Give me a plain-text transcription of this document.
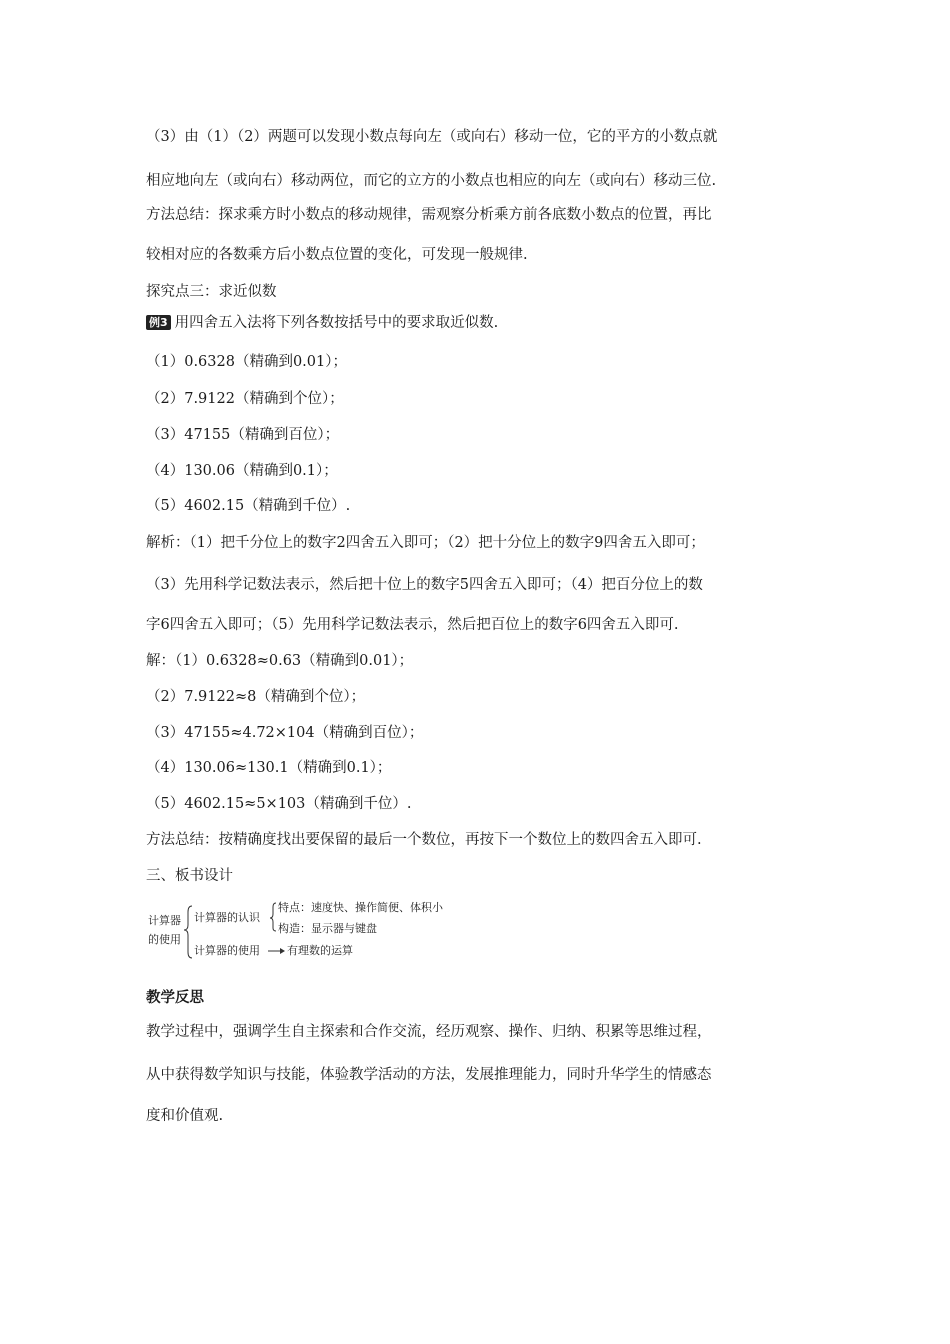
（3）由（1）（2）两题可以发现小数点每向左（或向右）移动一位，它的平方的小数点就
相应地向左（或向右）移动两位，而它的立方的小数点也相应的向左（或向右）移动三位.
方法总结：探求乘方时小数点的移动规律，需观察分析乘方前各底数小数点的位置，再比
较相对应的各数乘方后小数点位置的变化，可发现一般规律.
探究点三：求近似数
例3 用四舍五入法将下列各数按括号中的要求取近似数.
（1）0.6328（精确到0.01）；
（2）7.9122（精确到个位）；
（3）47155（精确到百位）；
（4）130.06（精确到0.1）；
（5）4602.15（精确到千位）.
解析：（1）把千分位上的数字2四舍五入即可；（2）把十分位上的数字9四舍五入即可；
（3）先用科学记数法表示，然后把十位上的数字5四舍五入即可；（4）把百分位上的数
字6四舍五入即可；（5）先用科学记数法表示，然后把百位上的数字6四舍五入即可.
解：（1）0.6328≈0.63（精确到0.01）；
（2）7.9122≈8（精确到个位）；
（3）47155≈4.72×104（精确到百位）；
（4）130.06≈130.1（精确到0.1）；
（5）4602.15≈5×103（精确到千位）.
方法总结：按精确度找出要保留的最后一个数位，再按下一个数位上的数四舍五入即可.
三、板书设计
计算器
的使用
计算器的认识
特点：速度快、操作简便、体积小
构造：显示器与键盘
计算器的使用 有理数的运算
教学反思
教学过程中，强调学生自主探索和合作交流，经历观察、操作、归纳、积累等思维过程，
从中获得数学知识与技能，体验教学活动的方法，发展推理能力，同时升华学生的情感态
度和价值观.
